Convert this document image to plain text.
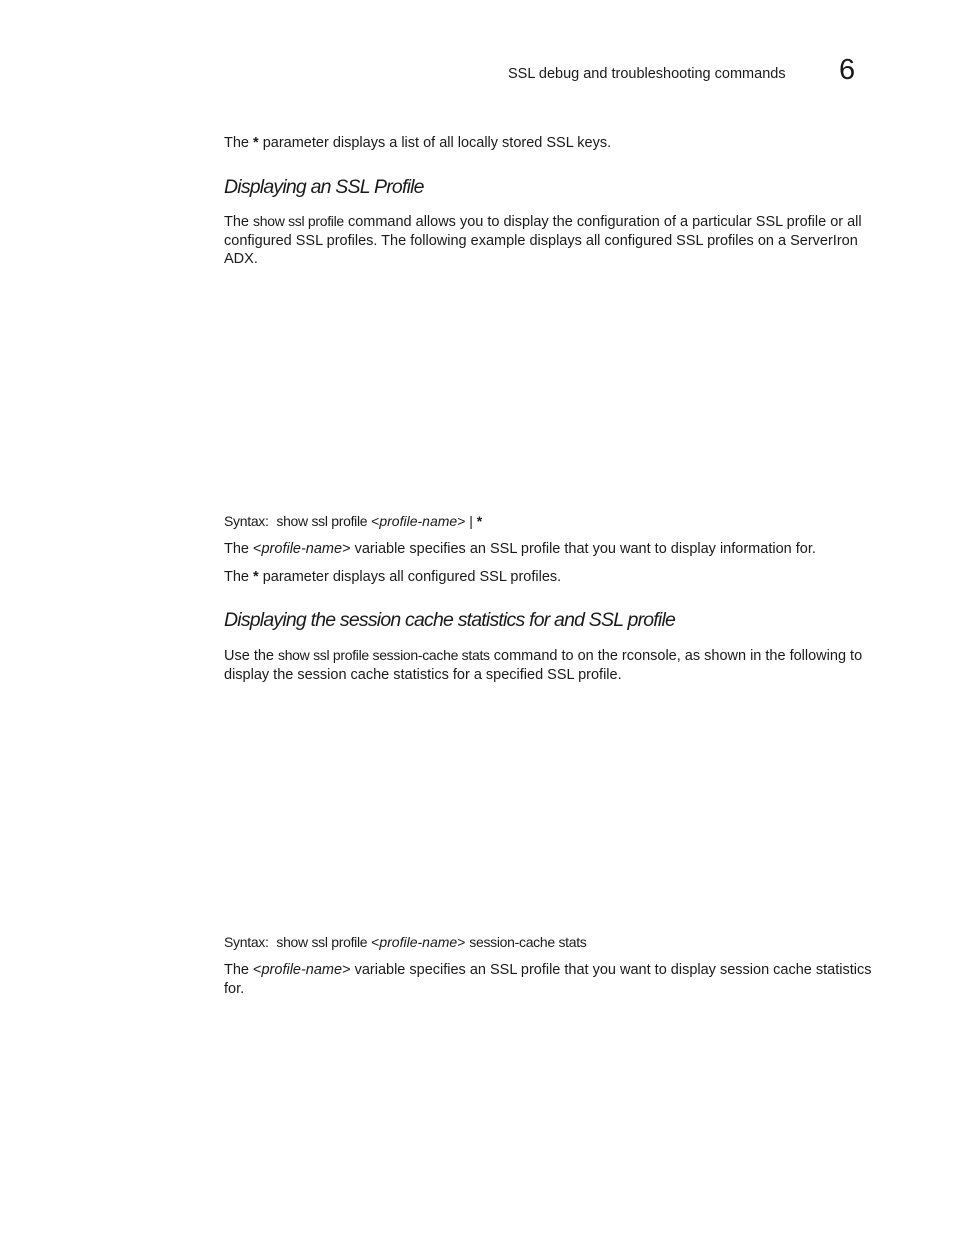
SSL debug and troubleshooting commands 6

The * parameter displays a list of all locally stored SSL keys.

Displaying an SSL Profile

The show ssl profile command allows you to display the configuration of a particular SSL profile or all configured SSL profiles. The following example displays all configured SSL profiles on a ServerIron ADX.

Syntax: show ssl profile <profile-name> | *

The <profile-name> variable specifies an SSL profile that you want to display information for.

The * parameter displays all configured SSL profiles.

Displaying the session cache statistics for and SSL profile

Use the show ssl profile session-cache stats command to on the rconsole, as shown in the following to display the session cache statistics for a specified SSL profile.

Syntax: show ssl profile <profile-name> session-cache stats

The <profile-name> variable specifies an SSL profile that you want to display session cache statistics for.
